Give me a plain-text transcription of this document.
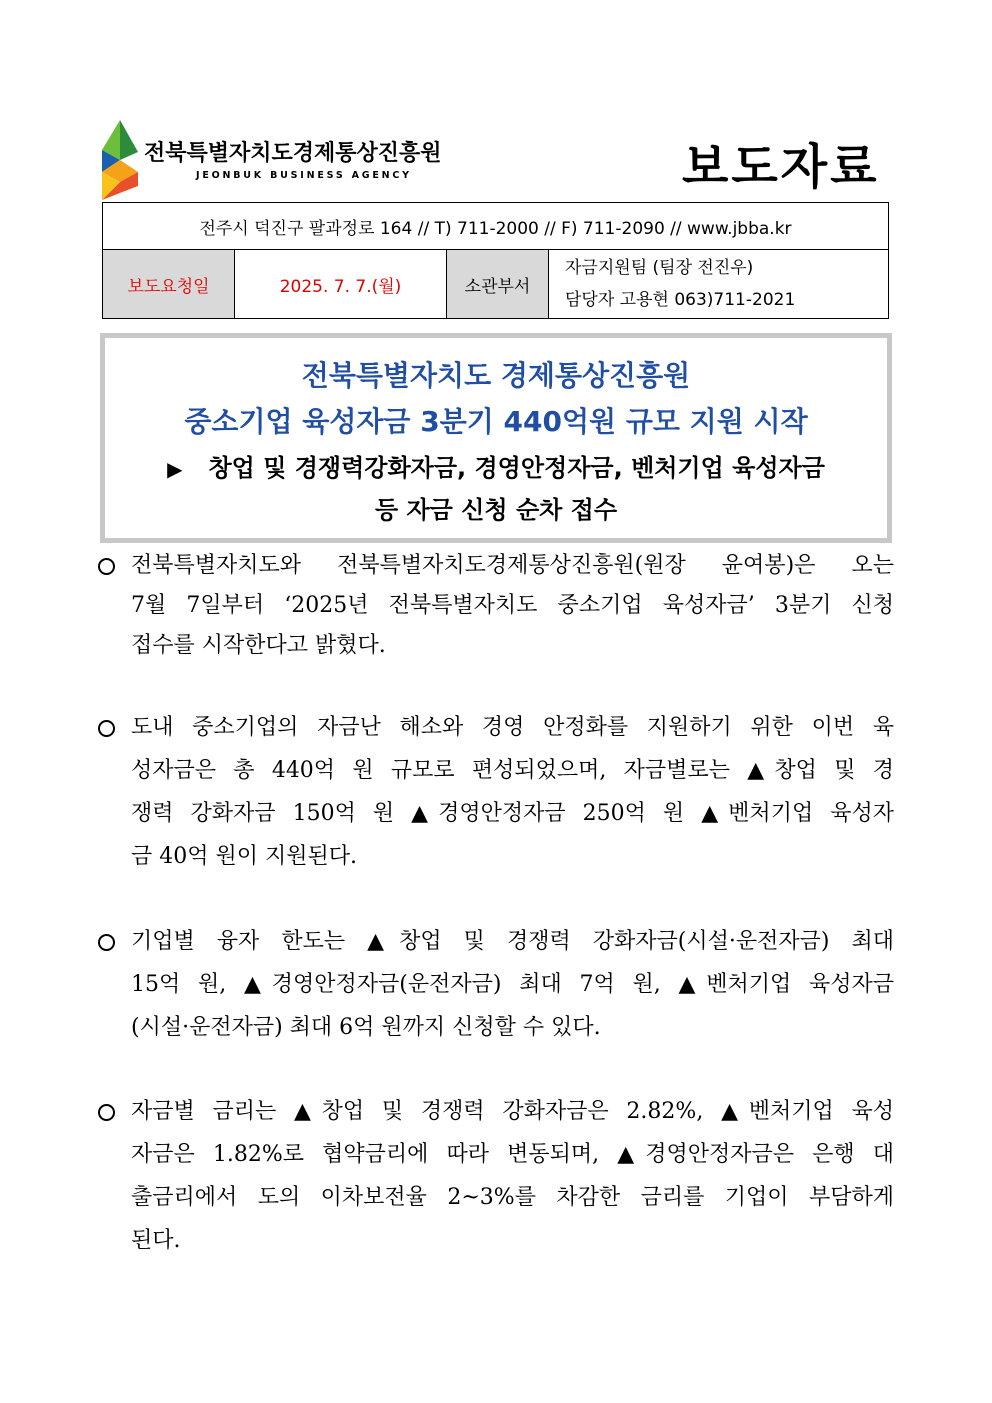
전북특별자치도경제통상진흥원
JEONBUK BUSINESS AGENCY	보도자료
전주시 덕진구 팔과정로 164 // T) 711-2000 // F) 711-2090 // www.jbba.kr
보도요청일	2025. 7. 7.(월)	소관부서	
자금지원팀 (팀장 전진우)
담당자 고용현 063)711-2021
전북특별자치도 경제통상진흥원
중소기업 육성자금 3분기 440억원 규모 지원 시작
▶ 창업 및 경쟁력강화자금, 경영안정자금, 벤처기업 육성자금
등 자금 신청 순차 접수
전북특별자치도와 전북특별자치도경제통상진흥원(원장 윤여봉)은 오는
7월 7일부터 ‘2025년 전북특별자치도 중소기업 육성자금’ 3분기 신청
접수를 시작한다고 밝혔다.
도내 중소기업의 자금난 해소와 경영 안정화를 지원하기 위한 이번 육
성자금은 총 440억 원 규모로 편성되었으며, 자금별로는 ▲창업 및 경
쟁력 강화자금 150억 원 ▲경영안정자금 250억 원 ▲벤처기업 육성자
금 40억 원이 지원된다.
기업별 융자 한도는 ▲창업 및 경쟁력 강화자금(시설·운전자금) 최대
15억 원, ▲경영안정자금(운전자금) 최대 7억 원, ▲벤처기업 육성자금
(시설·운전자금) 최대 6억 원까지 신청할 수 있다.
자금별 금리는 ▲창업 및 경쟁력 강화자금은 2.82%, ▲벤처기업 육성
자금은 1.82%로 협약금리에 따라 변동되며, ▲경영안정자금은 은행 대
출금리에서 도의 이차보전율 2~3%를 차감한 금리를 기업이 부담하게
된다.
